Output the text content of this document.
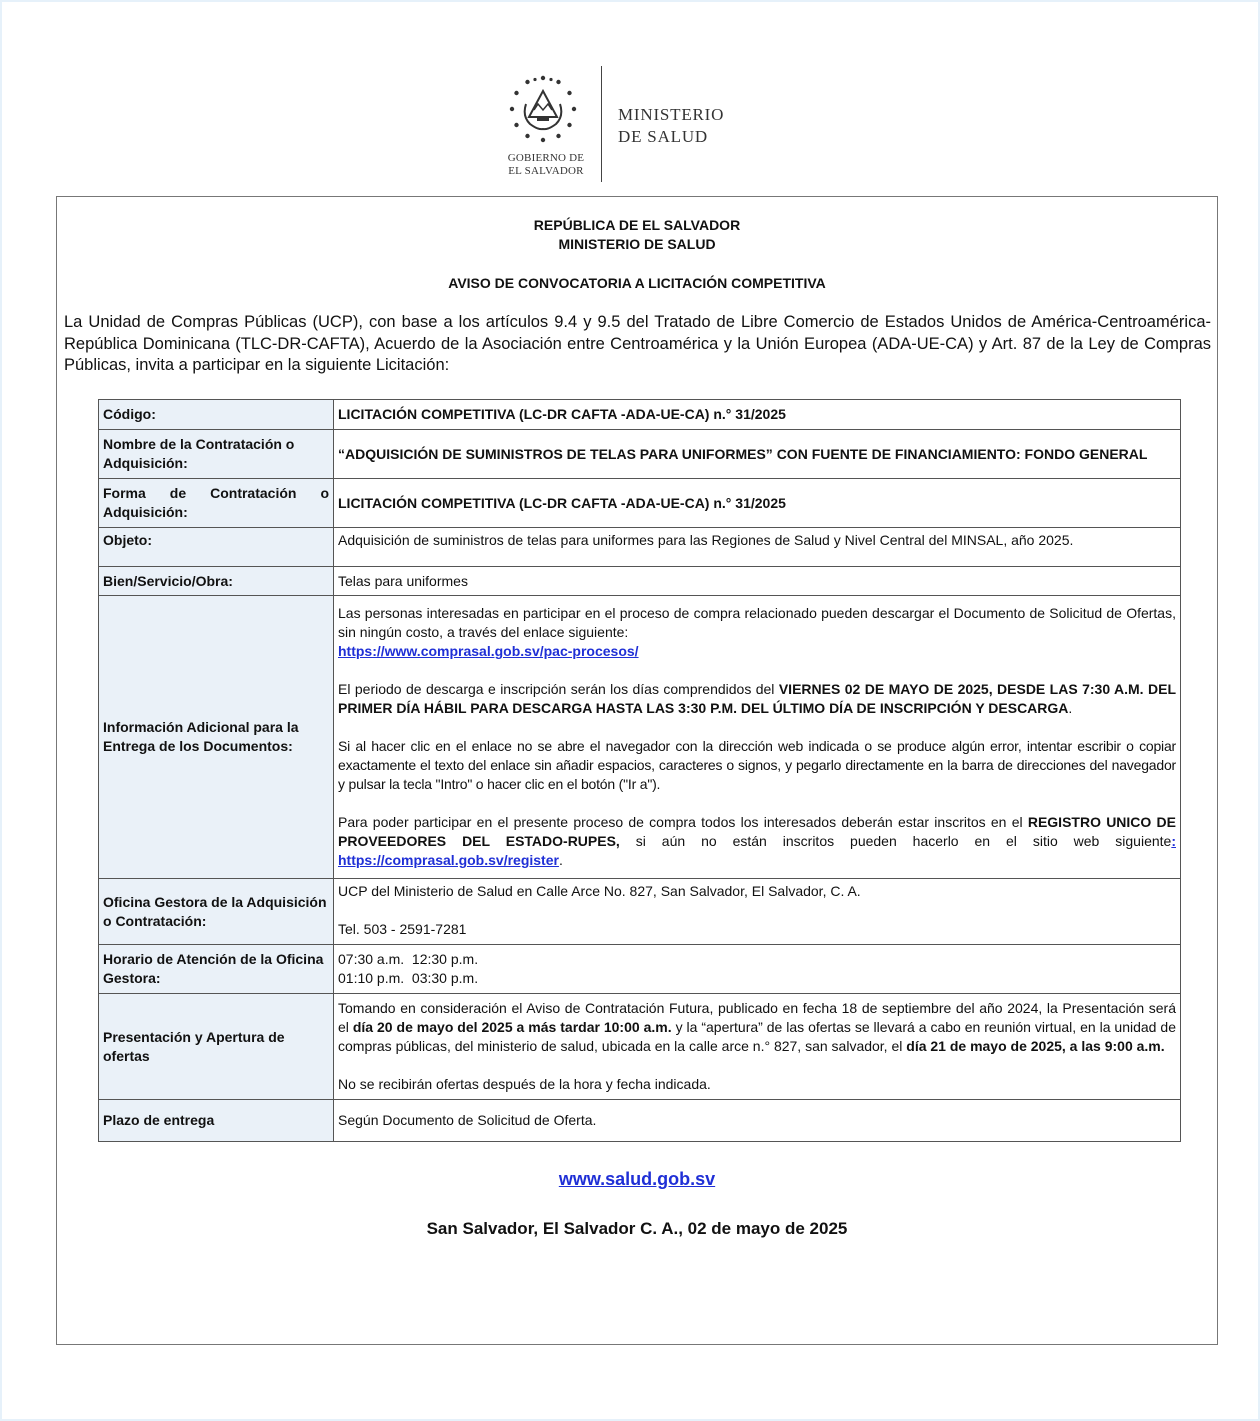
GOBIERNO DE
EL SALVADOR
MINISTERIO
DE SALUD
REPÚBLICA DE EL SALVADOR
MINISTERIO DE SALUD
AVISO DE CONVOCATORIA A LICITACIÓN COMPETITIVA
La Unidad de Compras Públicas (UCP), con base a los artículos 9.4 y 9.5 del Tratado de Libre Comercio de Estados Unidos de América-Centroamérica-República Dominicana (TLC-DR-CAFTA), Acuerdo de la Asociación entre Centroamérica y la Unión Europea (ADA-UE-CA) y Art. 87 de la Ley de Compras Públicas, invita a participar en la siguiente Licitación:
Código:	LICITACIÓN COMPETITIVA (LC-DR CAFTA -ADA-UE-CA) n.° 31/2025
Nombre de la Contratación o Adquisición:	“ADQUISICIÓN DE SUMINISTROS DE TELAS PARA UNIFORMES” CON FUENTE DE FINANCIAMIENTO: FONDO GENERAL
Forma de Contratación o Adquisición:	LICITACIÓN COMPETITIVA (LC-DR CAFTA -ADA-UE-CA) n.° 31/2025
Objeto:	Adquisición de suministros de telas para uniformes para las Regiones de Salud y Nivel Central del MINSAL, año 2025.
Bien/Servicio/Obra:	Telas para uniformes
Información Adicional para la Entrega de los Documentos:	Las personas interesadas en participar en el proceso de compra relacionado pueden descargar el Documento de Solicitud de Ofertas, sin ningún costo, a través del enlace siguiente:

https://www.comprasal.gob.sv/pac-procesos/

El periodo de descarga e inscripción serán los días comprendidos del VIERNES 02 DE MAYO DE 2025, DESDE LAS 7:30 A.M. DEL PRIMER DÍA HÁBIL PARA DESCARGA HASTA LAS 3:30 P.M. DEL ÚLTIMO DÍA DE INSCRIPCIÓN Y DESCARGA.

Si al hacer clic en el enlace no se abre el navegador con la dirección web indicada o se produce algún error, intentar escribir o copiar exactamente el texto del enlace sin añadir espacios, caracteres o signos, y pegarlo directamente en la barra de direcciones del navegador y pulsar la tecla "Intro" o hacer clic en el botón ("Ir a").

Para poder participar en el presente proceso de compra todos los interesados deberán estar inscritos en el REGISTRO UNICO DE PROVEEDORES DEL ESTADO-RUPES, si aún no están inscritos pueden hacerlo en el sitio web siguiente: https://comprasal.gob.sv/register.

Oficina Gestora de la Adquisición o Contratación:	UCP del Ministerio de Salud en Calle Arce No. 827, San Salvador, El Salvador, C. A.
Tel. 503 - 2591-7281

Horario de Atención de la Oficina Gestora:	07:30 a.m.  12:30 p.m.
01:10 p.m.  03:30 p.m.

Presentación y Apertura de ofertas	Tomando en consideración el Aviso de Contratación Futura, publicado en fecha 18 de septiembre del año 2024, la Presentación será el día 20 de mayo del 2025 a más tardar 10:00 a.m. y la “apertura” de las ofertas se llevará a cabo en reunión virtual, en la unidad de compras públicas, del ministerio de salud, ubicada en la calle arce n.° 827, san salvador, el día 21 de mayo de 2025, a las 9:00 a.m.

No se recibirán ofertas después de la hora y fecha indicada.

Plazo de entrega	Según Documento de Solicitud de Oferta.
www.salud.gob.sv
San Salvador, El Salvador C. A., 02 de mayo de 2025
